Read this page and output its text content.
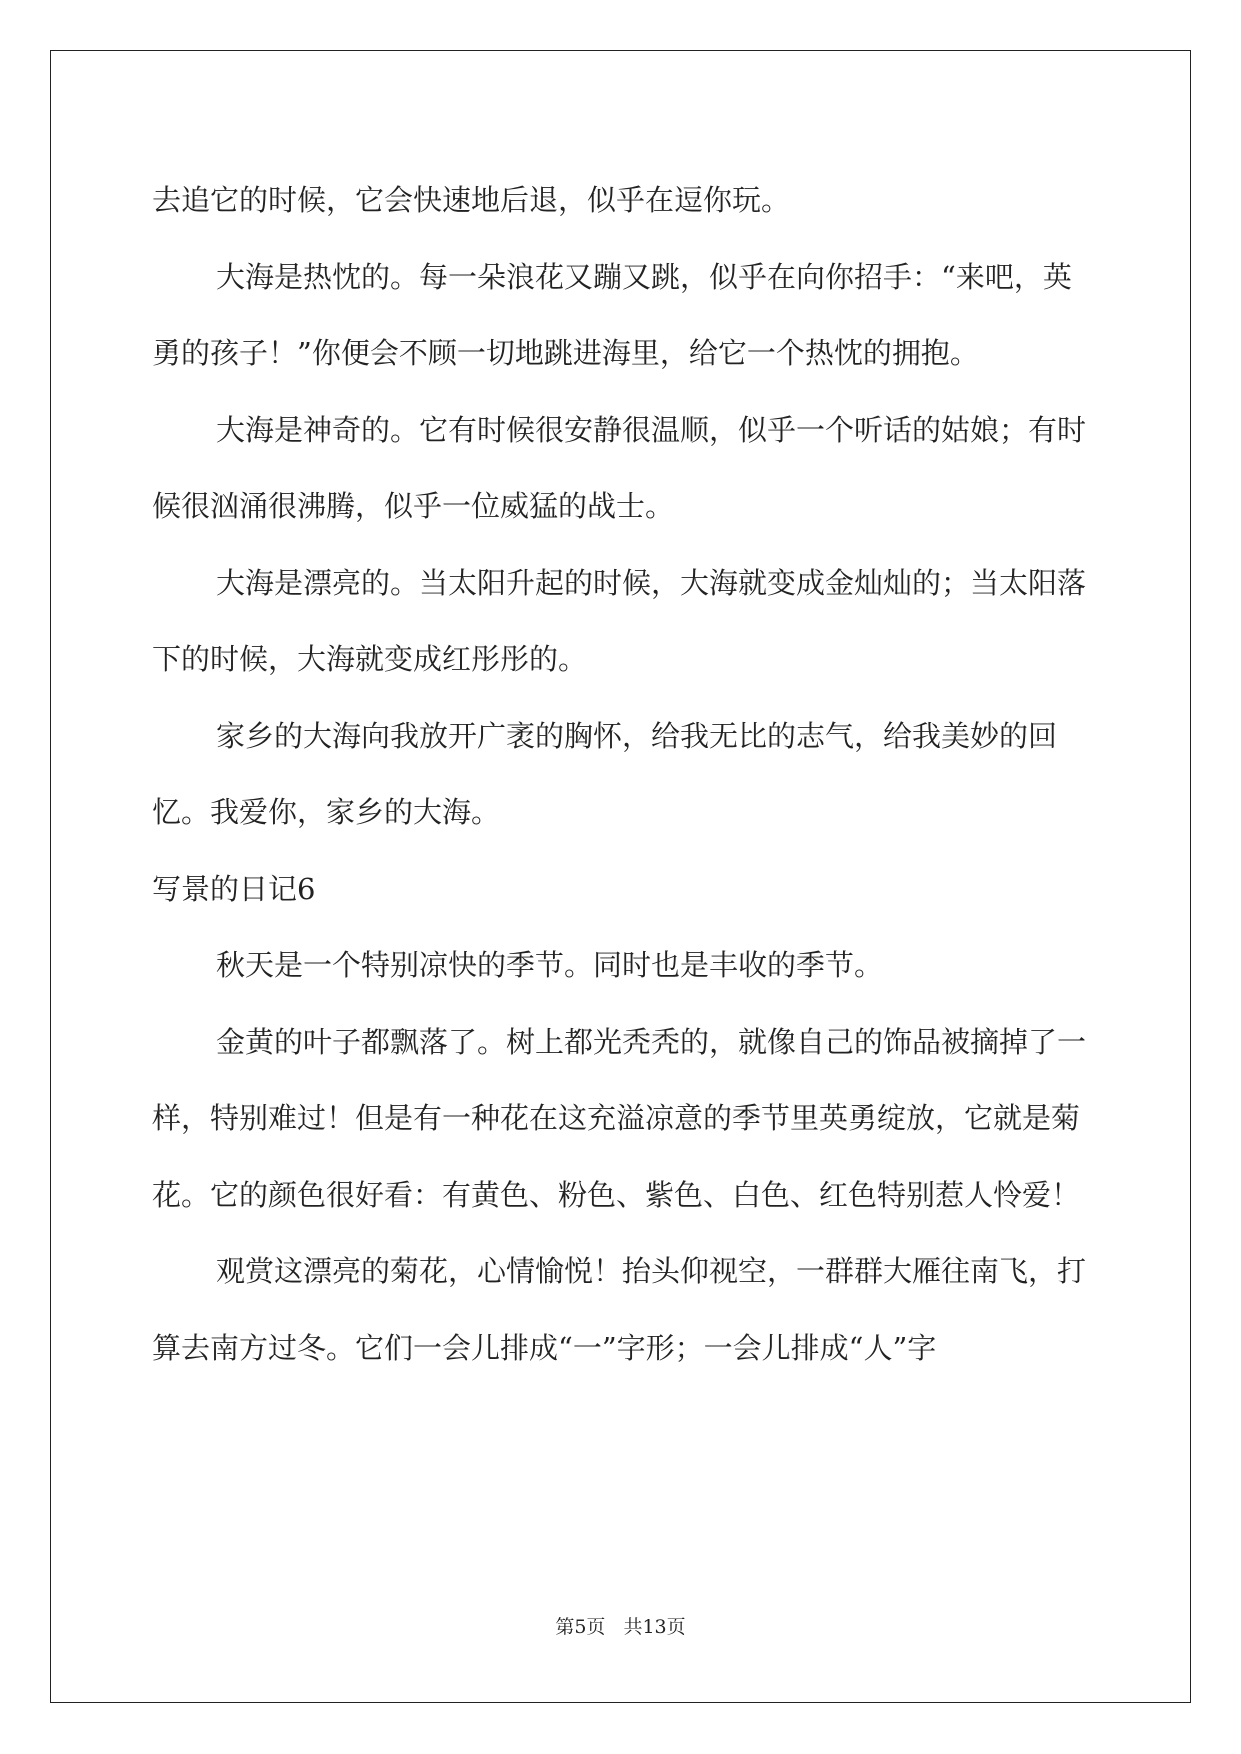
去追它的时候，它会快速地后退，似乎在逗你玩。

大海是热忱的。每一朵浪花又蹦又跳，似乎在向你招手：“来吧，英勇的孩子！”你便会不顾一切地跳进海里，给它一个热忱的拥抱。

大海是神奇的。它有时候很安静很温顺，似乎一个听话的姑娘；有时候很汹涌很沸腾，似乎一位威猛的战士。

大海是漂亮的。当太阳升起的时候，大海就变成金灿灿的；当太阳落下的时候，大海就变成红彤彤的。

家乡的大海向我放开广袤的胸怀，给我无比的志气，给我美妙的回忆。我爱你，家乡的大海。

写景的日记6

秋天是一个特别凉快的季节。同时也是丰收的季节。

金黄的叶子都飘落了。树上都光秃秃的，就像自己的饰品被摘掉了一样，特别难过！但是有一种花在这充溢凉意的季节里英勇绽放，它就是菊花。它的颜色很好看：有黄色、粉色、紫色、白色、红色特别惹人怜爱！

观赏这漂亮的菊花，心情愉悦！抬头仰视空，一群群大雁往南飞，打算去南方过冬。它们一会儿排成“一”字形；一会儿排成“人”字

第5页 共13页
